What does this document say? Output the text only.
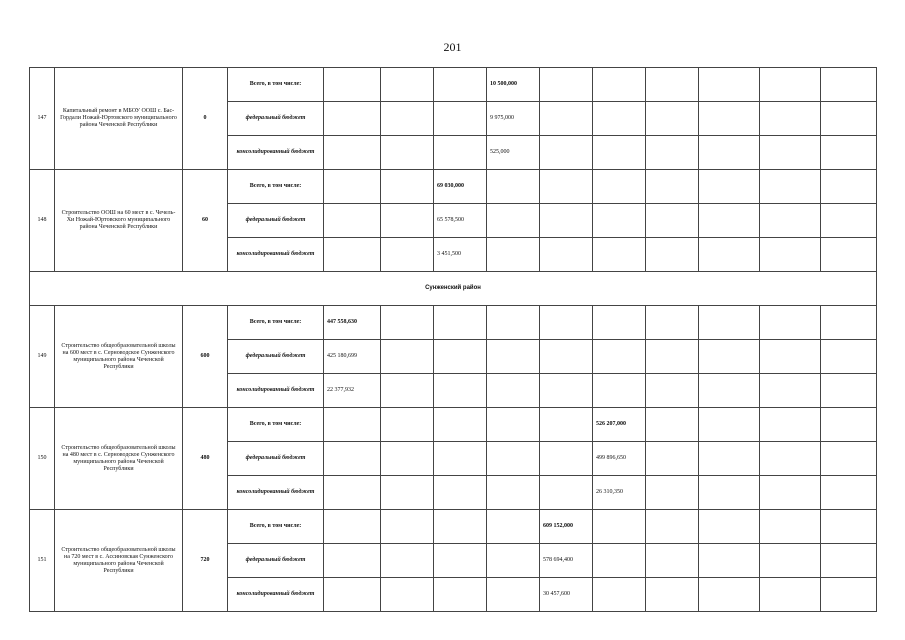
201
147	Капитальный ремонт в МБОУ ООШ с. Бас-Гордали Ножай-Юртовского муниципального района Чеченской Республики	0	Всего, в том числе:				10 500,000						
			федеральный бюджет				9 975,000						
			консолидированный бюджет				525,000						
148	Строительство ООШ на 60 мест в с. Чечель-Хи Ножай-Юртовского муниципального района Чеченской Республики	60	Всего, в том числе:			69 030,000							
			федеральный бюджет			65 578,500							
			консолидированный бюджет			3 451,500							
Сунженский район													
149	Строительство общеобразовательной школы на 600 мест в с. Серноводское Сунженского муниципального района Чеченской Республики	600	Всего, в том числе:	447 558,630									
			федеральный бюджет	425 180,699									
			консолидированный бюджет	22 377,932									
150	Строительство общеобразовательной школы на 480 мест в с. Серноводское Сунженского муниципального района Чеченской Республики	480	Всего, в том числе:						526 207,000				
			федеральный бюджет						499 896,650				
			консолидированный бюджет						26 310,350				
151	Строительство общеобразовательной школы на 720 мест в с. Ассиновская Сунженского муниципального района Чеченской Республики	720	Всего, в том числе:					609 152,000					
			федеральный бюджет					578 694,400					
			консолидированный бюджет					30 457,600					
